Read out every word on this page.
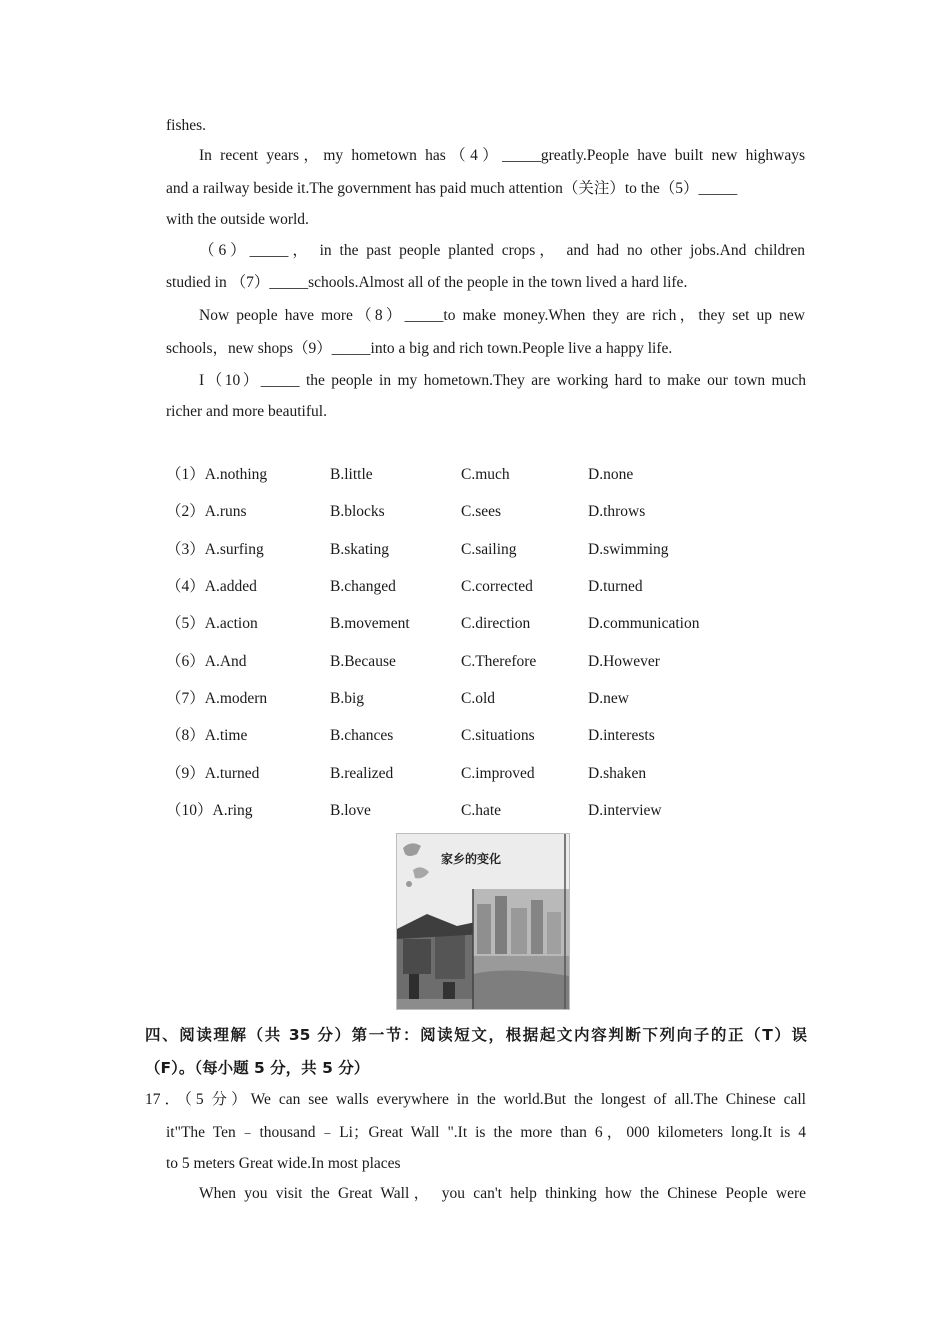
fishes.
In recent years，my hometown has（4）_____greatly.People have built new highways
and a railway beside it.The government has paid much attention（关注）to the（5）_____
with the outside world.
（6）_____， in the past people planted crops， and had no other jobs.And children
studied in （7）_____schools.Almost all of the people in the town lived a hard life.
Now people have more（8）_____to make money.When they are rich，they set up new
schools，new shops（9）_____into a big and rich town.People live a happy life.
I（10）_____ the people in my hometown.They are working hard to make our town much
richer and more beautiful.
（1）A.nothing	B.little	C.much	D.none
（2）A.runs	B.blocks	C.sees	D.throws
（3）A.surfing	B.skating	C.sailing	D.swimming
（4）A.added	B.changed	C.corrected	D.turned
（5）A.action	B.movement	C.direction	D.communication
（6）A.And	B.Because	C.Therefore	D.However
（7）A.modern	B.big	C.old	D.new
（8）A.time	B.chances	C.situations	D.interests
（9）A.turned	B.realized	C.improved	D.shaken
（10）A.ring	B.love	C.hate	D.interview
家乡的变化
四、阅读理解（共 35 分）第一节：阅读短文，根据起文内容判断下列向子的正（T）误
（F）。（每小题 5 分，共 5 分）
17．（5 分）We can see walls everywhere in the world.But the longest of all.The Chinese call
it"The Ten﹣thousand﹣Li；Great Wall ".It is the more than 6，000 kilometers long.It is 4
to 5 meters Great wide.In most places
When you visit the Great Wall， you can't help thinking how the Chinese People were
